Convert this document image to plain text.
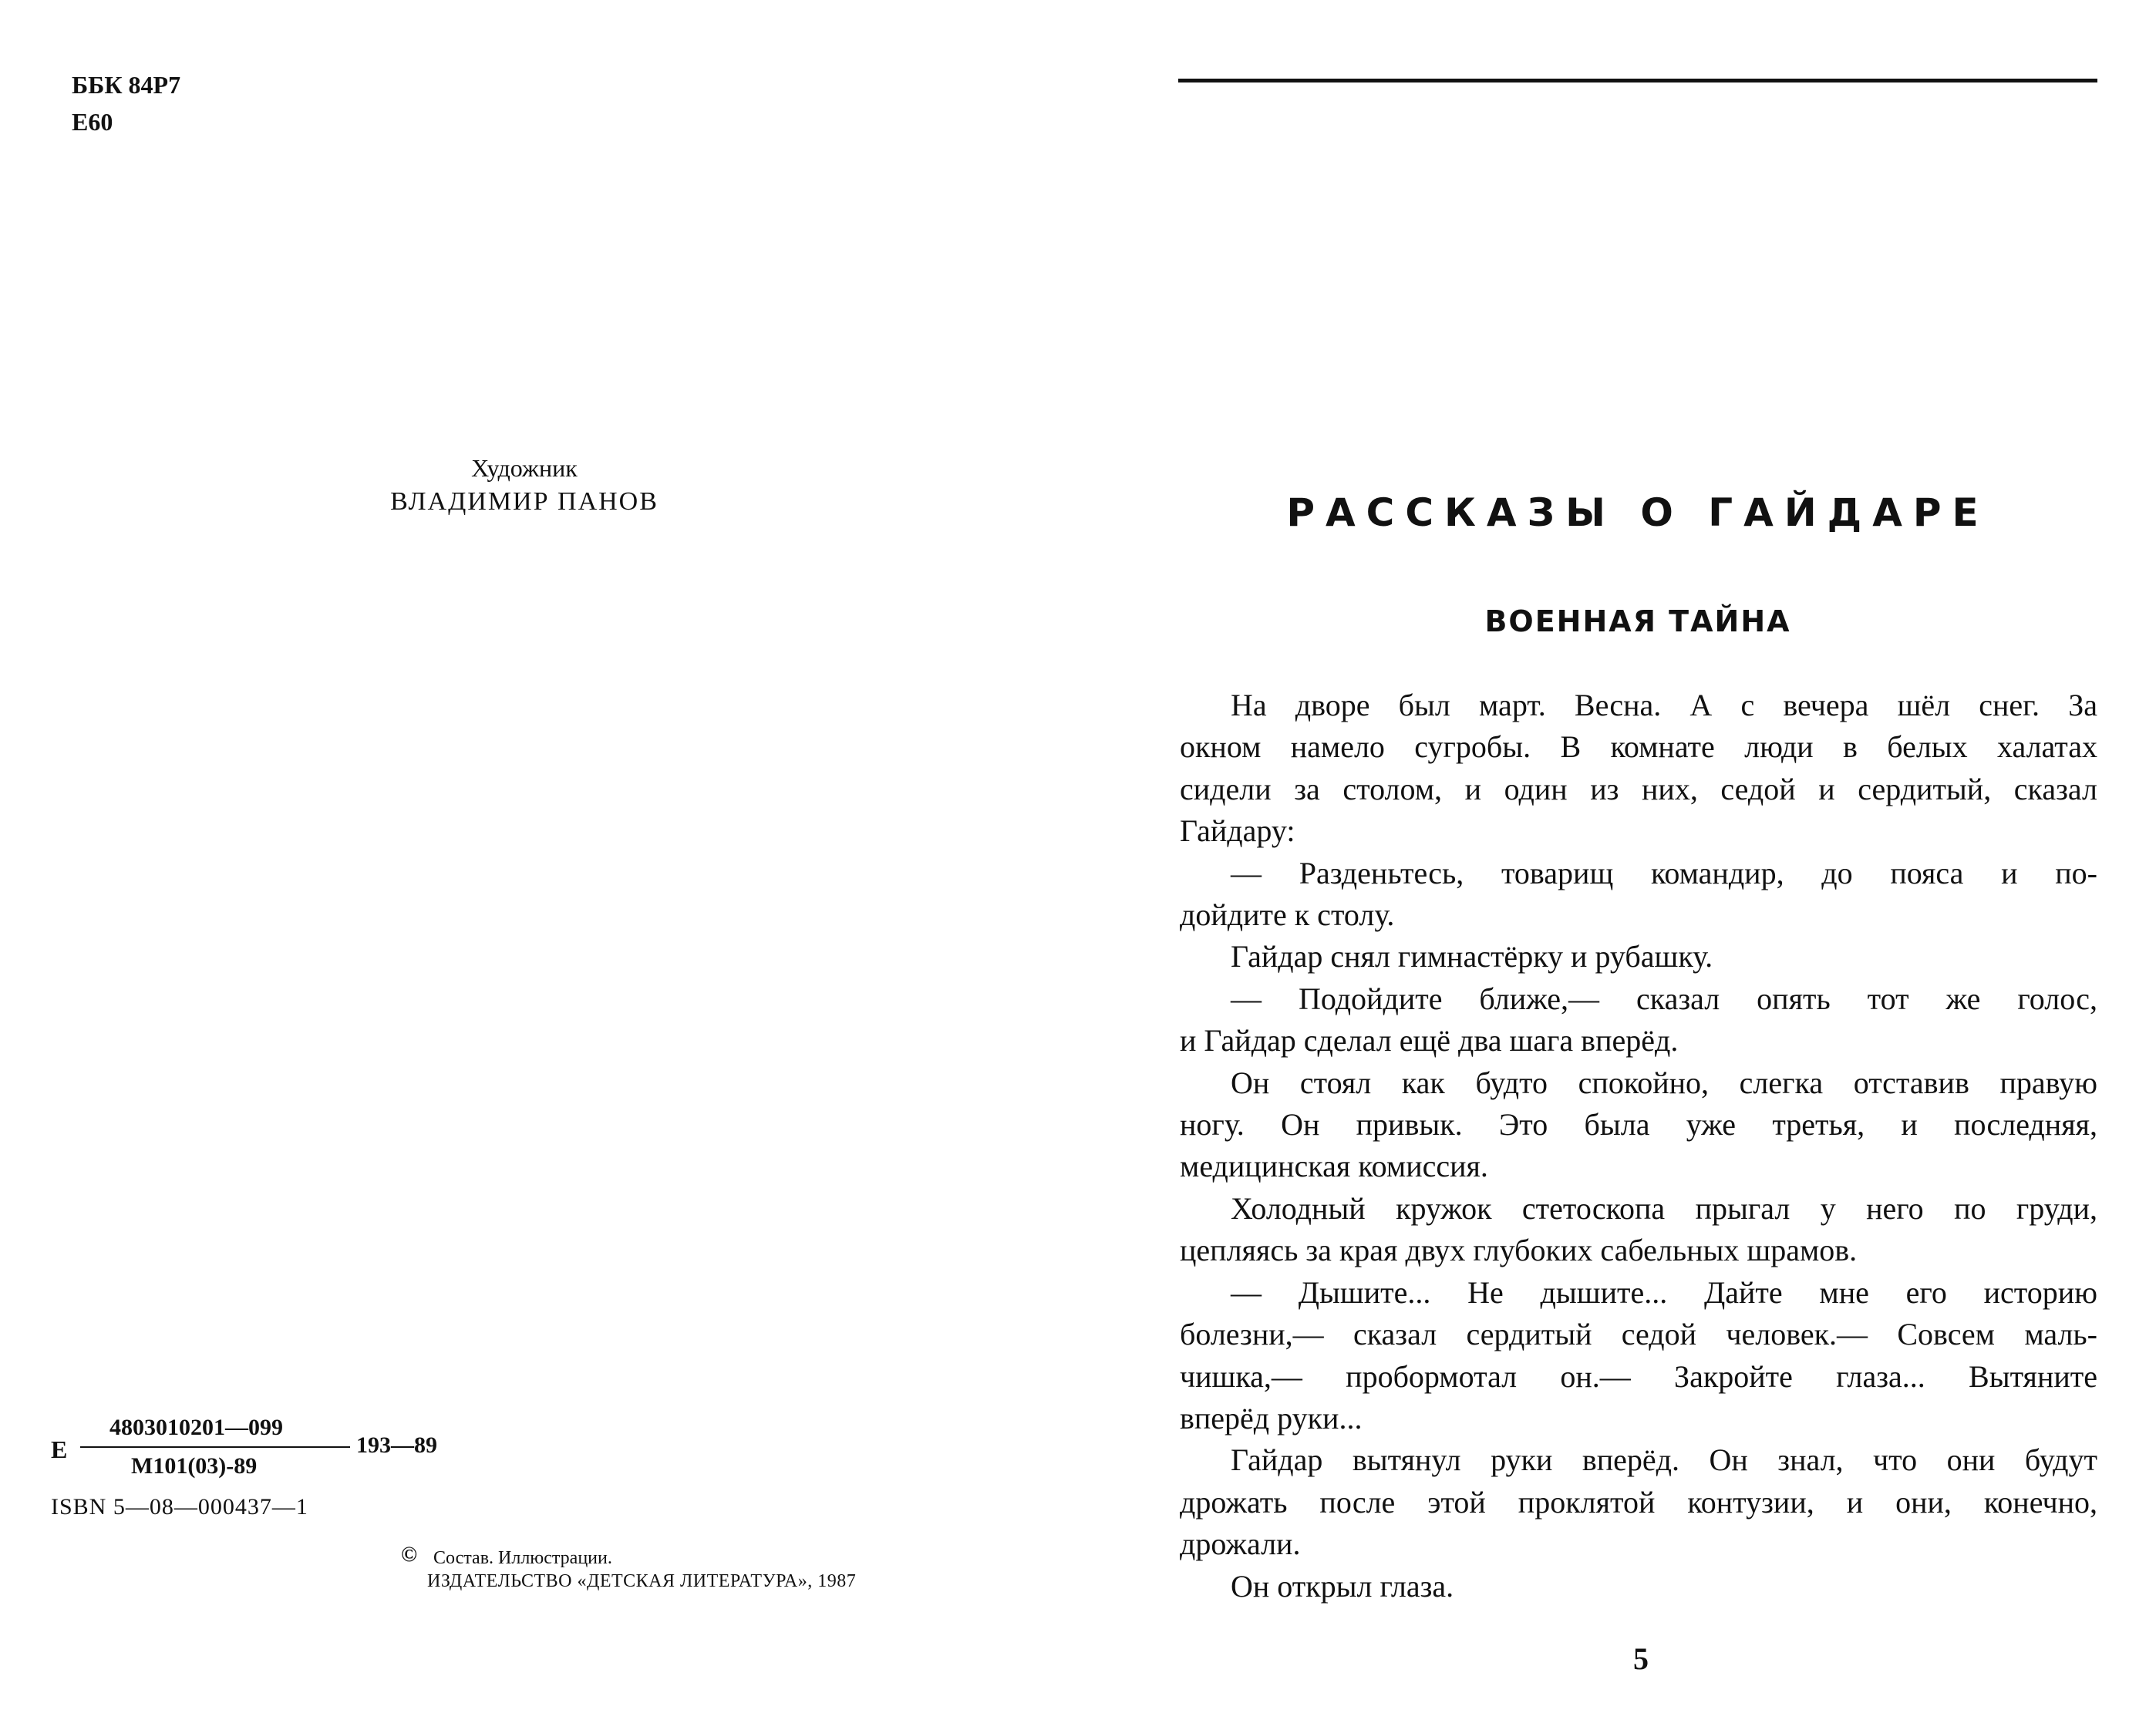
ББК 84Р7
Е60
Художник
ВЛАДИМИР ПАНОВ
Е
4803010201—099
М101(03)-89
193—89
ISBN 5—08—000437—1
© Состав. Иллюстрации.
ИЗДАТЕЛЬСТВО «ДЕТСКАЯ ЛИТЕРАТУРА», 1987
РАССКАЗЫ О ГАЙДАРЕ
ВОЕННАЯ ТАЙНА

На дворе был март. Весна. А с вечера шёл снег. За
окном намело сугробы. В комнате люди в белых халатах
сидели за столом, и один из них, седой и сердитый, сказал
Гайдару:

— Разденьтесь, товарищ командир, до пояса и по-
дойдите к столу.

Гайдар снял гимнастёрку и рубашку.

— Подойдите ближе,— сказал опять тот же голос,
и Гайдар сделал ещё два шага вперёд.

Он стоял как будто спокойно, слегка отставив правую
ногу. Он привык. Это была уже третья, и последняя,
медицинская комиссия.

Холодный кружок стетоскопа прыгал у него по груди,
цепляясь за края двух глубоких сабельных шрамов.

— Дышите... Не дышите... Дайте мне его историю
болезни,— сказал сердитый седой человек.— Совсем маль-
чишка,— пробормотал он.— Закройте глаза... Вытяните
вперёд руки...

Гайдар вытянул руки вперёд. Он знал, что они будут
дрожать после этой проклятой контузии, и они, конечно,
дрожали.

Он открыл глаза.

5
